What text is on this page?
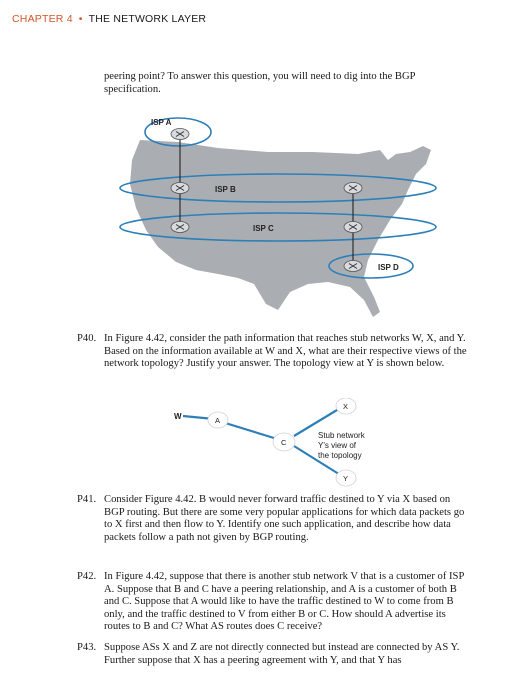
CHAPTER 4 • THE NETWORK LAYER

peering point? To answer this question, you will need to dig into the BGP specification.

ISP A
ISP B
ISP C
ISP D
P40. In Figure 4.42, consider the path information that reaches stub networks W, X, and Y. Based on the information available at W and X, what are their respective views of the network topology? Justify your answer. The topology view at Y is shown below.
W	A
C
X
Y
Stub network
Y's view of
the topology
P41. Consider Figure 4.42. B would never forward traffic destined to Y via X based on BGP routing. But there are some very popular applications for which data packets go to X first and then flow to Y. Identify one such application, and describe how data packets follow a path not given by BGP routing.
P42. In Figure 4.42, suppose that there is another stub network V that is a customer of ISP A. Suppose that B and C have a peering relationship, and A is a customer of both B and C. Suppose that A would like to have the traffic destined to W to come from B only, and the traffic destined to V from either B or C. How should A advertise its routes to B and C? What AS routes does C receive?
P43. Suppose ASs X and Z are not directly connected but instead are connected by AS Y. Further suppose that X has a peering agreement with Y, and that Y has
